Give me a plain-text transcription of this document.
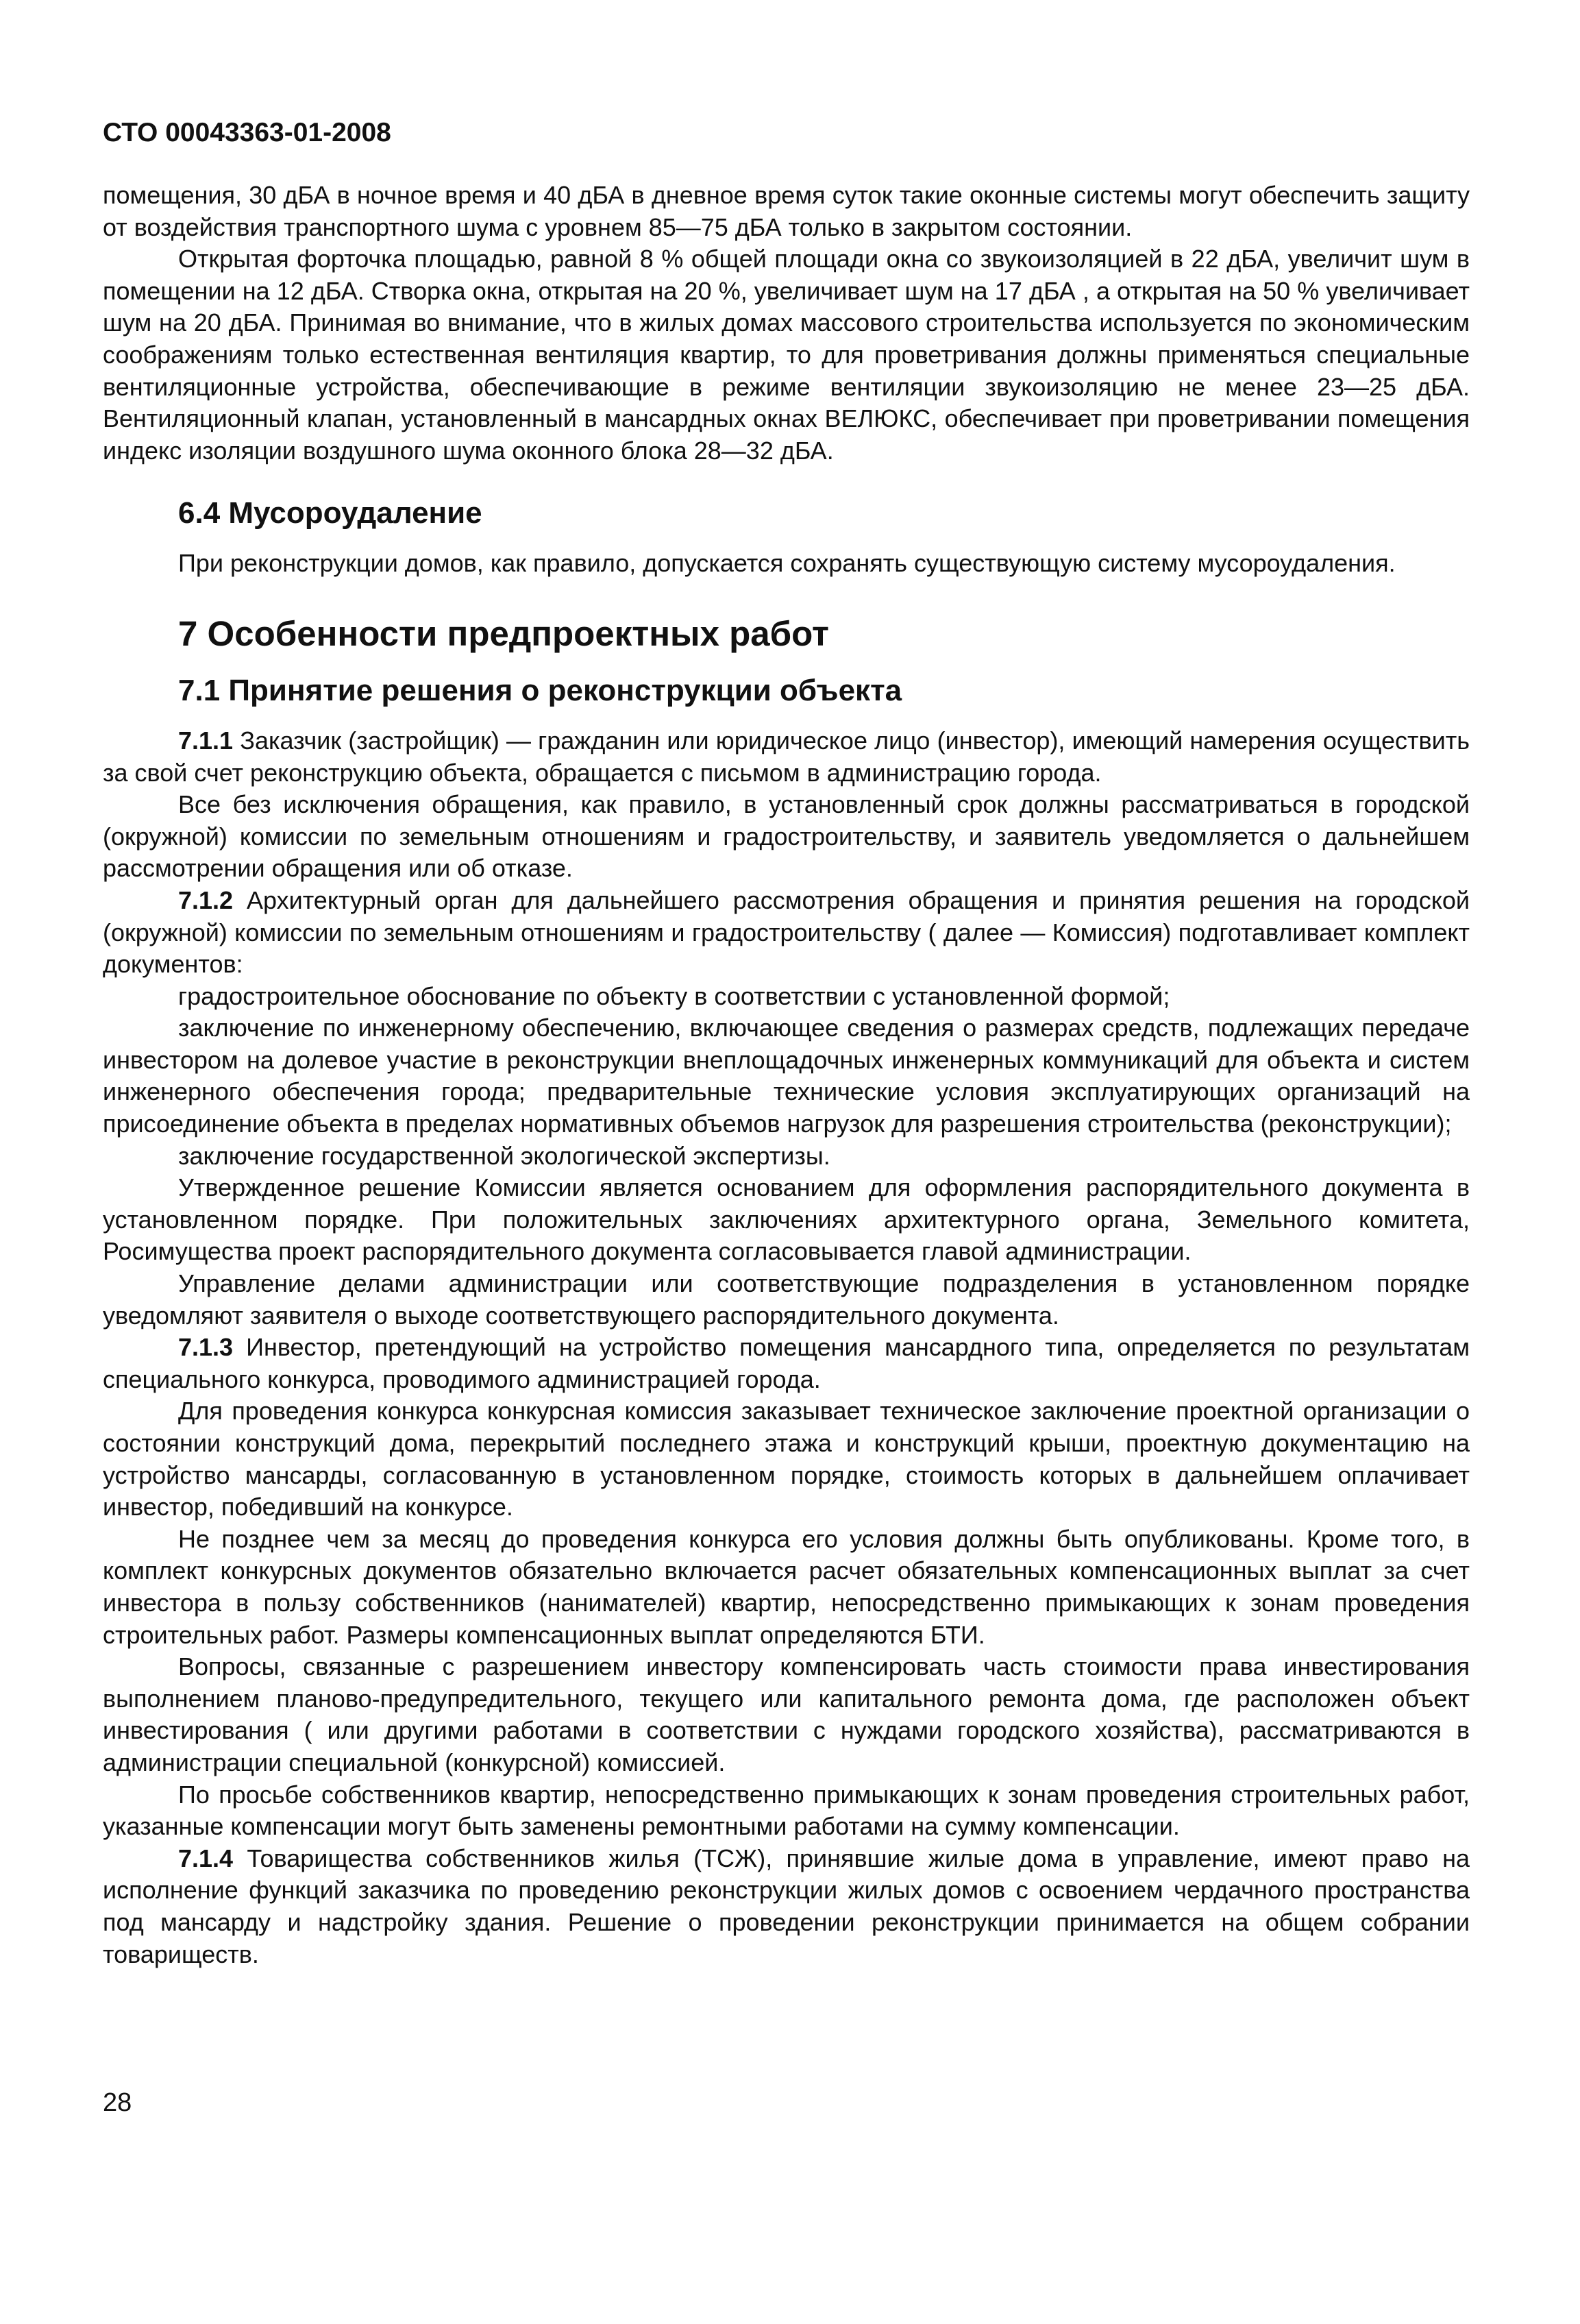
СТО 00043363-01-2008

помещения, 30 дБА в ночное время и 40 дБА в дневное время суток такие оконные системы могут обеспечить защиту от воздействия транспортного шума с уровнем 85—75 дБА только в закрытом состоянии.

Открытая форточка площадью, равной 8 % общей площади окна со звукоизоляцией в 22 дБА, увеличит шум в помещении на 12 дБА. Створка окна, открытая на 20 %, увеличивает шум на 17 дБА , а открытая на 50 % увеличивает шум на 20 дБА. Принимая во внимание, что в жилых домах массового строительства используется по экономическим соображениям только естественная вентиляция квартир, то для проветривания должны применяться специальные вентиляционные устройства, обеспечивающие в режиме вентиляции звукоизоляцию не менее 23—25 дБА. Вентиляционный клапан, установленный в мансардных окнах ВЕЛЮКС, обеспечивает при проветривании помещения индекс изоляции воздушного шума оконного блока 28—32 дБА.

6.4 Мусороудаление

При реконструкции домов, как правило, допускается сохранять существующую систему мусороудаления.

7 Особенности предпроектных работ
7.1 Принятие решения о реконструкции объекта

7.1.1 Заказчик (застройщик) — гражданин или юридическое лицо (инвестор), имеющий намерения осуществить за свой счет реконструкцию объекта, обращается с письмом в администрацию города.

Все без исключения обращения, как правило, в установленный срок должны рассматриваться в городской (окружной) комиссии по земельным отношениям и градостроительству, и заявитель уведомляется о дальнейшем рассмотрении обращения или об отказе.

7.1.2 Архитектурный орган для дальнейшего рассмотрения обращения и принятия решения на городской (окружной) комиссии по земельным отношениям и градостроительству ( далее — Комиссия) подготавливает комплект документов:

градостроительное обоснование по объекту в соответствии с установленной формой;

заключение по инженерному обеспечению, включающее сведения о размерах средств, подлежащих передаче инвестором на долевое участие в реконструкции внеплощадочных инженерных коммуникаций для объекта и систем инженерного обеспечения города; предварительные технические условия эксплуатирующих организаций на присоединение объекта в пределах нормативных объемов нагрузок для разрешения строительства (реконструкции);

заключение государственной экологической экспертизы.

Утвержденное решение Комиссии является основанием для оформления распорядительного документа в установленном порядке. При положительных заключениях архитектурного органа, Земельного комитета, Росимущества проект распорядительного документа согласовывается главой администрации.

Управление делами администрации или соответствующие подразделения в установленном порядке уведомляют заявителя о выходе соответствующего распорядительного документа.

7.1.3 Инвестор, претендующий на устройство помещения мансардного типа, определяется по результатам специального конкурса, проводимого администрацией города.

Для проведения конкурса конкурсная комиссия заказывает техническое заключение проектной организации о состоянии конструкций дома, перекрытий последнего этажа и конструкций крыши, проектную документацию на устройство мансарды, согласованную в установленном порядке, стоимость которых в дальнейшем оплачивает инвестор, победивший на конкурсе.

Не позднее чем за месяц до проведения конкурса его условия должны быть опубликованы. Кроме того, в комплект конкурсных документов обязательно включается расчет обязательных компенсационных выплат за счет инвестора в пользу собственников (нанимателей) квартир, непосредственно примыкающих к зонам проведения строительных работ. Размеры компенсационных выплат определяются БТИ.

Вопросы, связанные с разрешением инвестору компенсировать часть стоимости права инвестирования выполнением планово-предупредительного, текущего или капитального ремонта дома, где расположен объект инвестирования ( или другими работами в соответствии с нуждами городского хозяйства), рассматриваются в администрации специальной (конкурсной) комиссией.

По просьбе собственников квартир, непосредственно примыкающих к зонам проведения строительных работ, указанные компенсации могут быть заменены ремонтными работами на сумму компенсации.

7.1.4 Товарищества собственников жилья (ТСЖ), принявшие жилые дома в управление, имеют право на исполнение функций заказчика по проведению реконструкции жилых домов с освоением чердачного пространства под мансарду и надстройку здания. Решение о проведении реконструкции принимается на общем собрании товариществ.

28
